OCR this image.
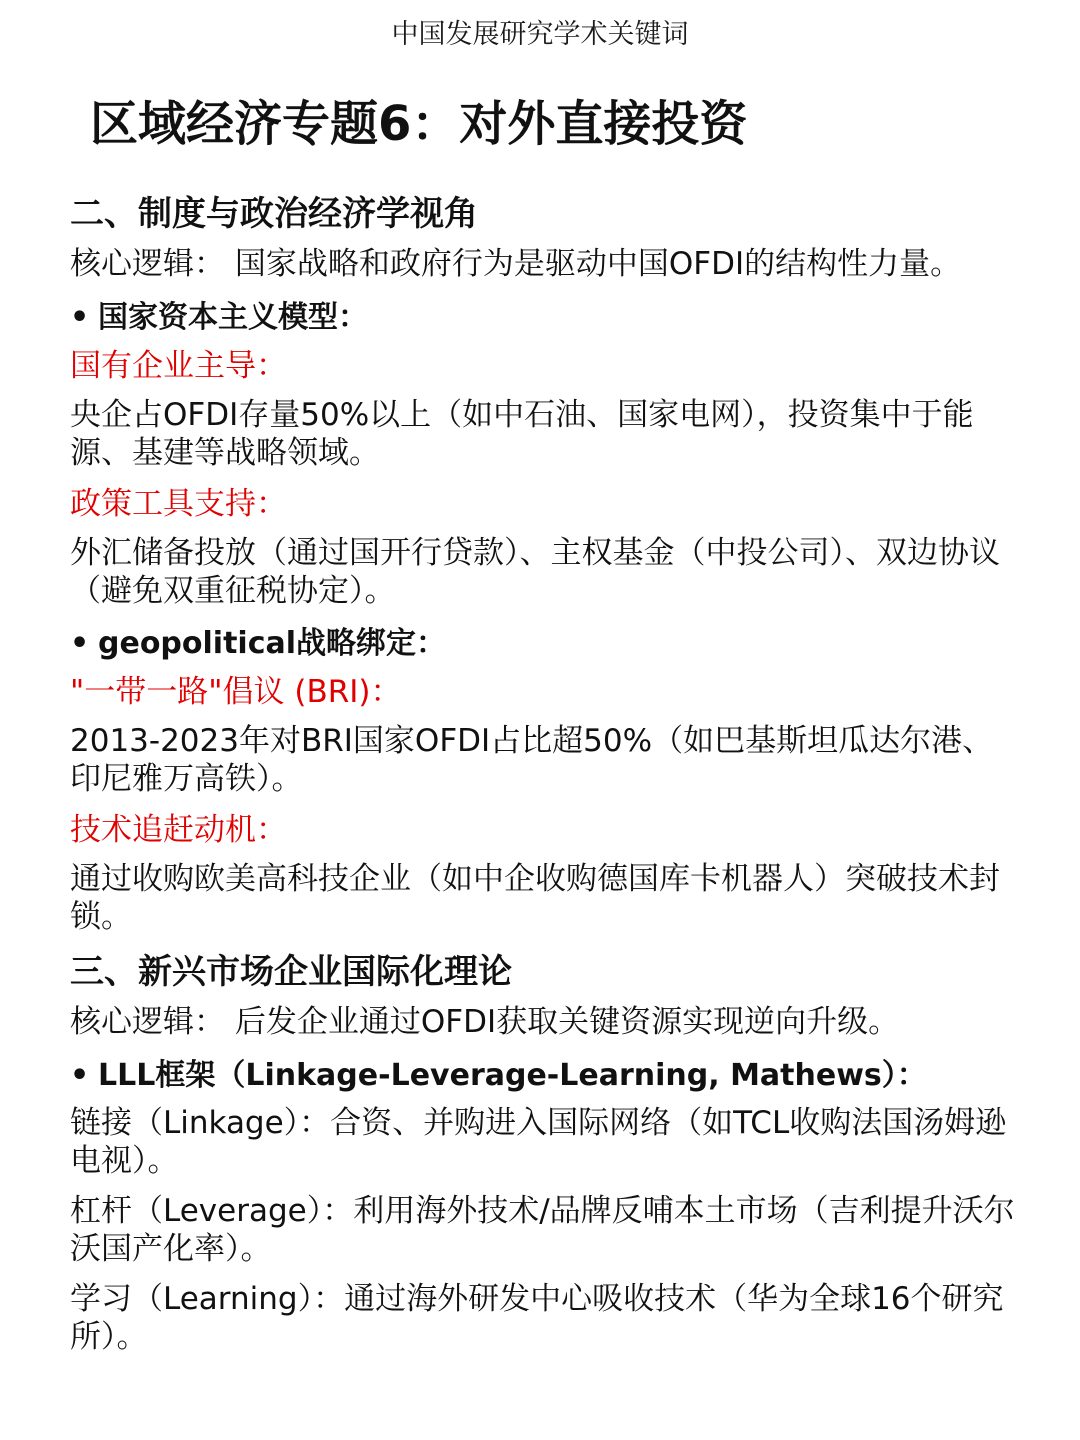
中国发展研究学术关键词
区域经济专题6：对外直接投资
二、制度与政治经济学视角
核心逻辑： 国家战略和政府行为是驱动中国OFDI的结构性力量。
• 国家资本主义模型：
国有企业主导：
央企占OFDI存量50%以上（如中石油、国家电网），投资集中于能源、基建等战略领域。
政策工具支持：
外汇储备投放（通过国开行贷款）、主权基金（中投公司）、双边协议（避免双重征税协定）。
• geopolitical战略绑定：
"一带一路"倡议 (BRI)：
2013-2023年对BRI国家OFDI占比超50%（如巴基斯坦瓜达尔港、印尼雅万高铁）。
技术追赶动机：
通过收购欧美高科技企业（如中企收购德国库卡机器人）突破技术封锁。
三、新兴市场企业国际化理论
核心逻辑： 后发企业通过OFDI获取关键资源实现逆向升级。
• LLL框架（Linkage-Leverage-Learning, Mathews）：
链接（Linkage）：合资、并购进入国际网络（如TCL收购法国汤姆逊电视）。
杠杆（Leverage）：利用海外技术/品牌反哺本土市场（吉利提升沃尔沃国产化率）。
学习（Learning）：通过海外研发中心吸收技术（华为全球16个研究所）。
